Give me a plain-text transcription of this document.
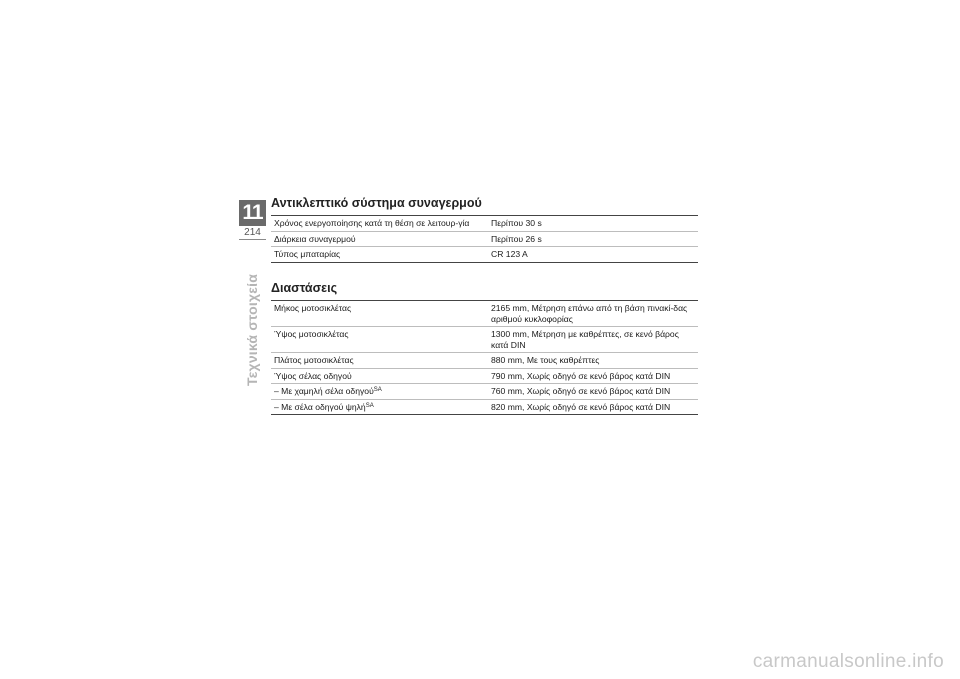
11
214
Τεχνικά στοιχεία
Αντικλεπτικό σύστημα συναγερμού
Χρόνος ενεργοποίησης κατά τη θέση σε λειτουρ-γία	Περίπου 30 s
Διάρκεια συναγερμού	Περίπου 26 s
Τύπος μπαταρίας	CR 123 A
Διαστάσεις
Μήκος μοτοσικλέτας	2165 mm, Μέτρηση επάνω από τη βάση πινακί-δας αριθμού κυκλοφορίας
Ύψος μοτοσικλέτας	1300 mm, Μέτρηση με καθρέπτες, σε κενό βάρος κατά DIN
Πλάτος μοτοσικλέτας	880 mm, Με τους καθρέπτες
Ύψος σέλας οδηγού	790 mm, Χωρίς οδηγό σε κενό βάρος κατά DIN
– Με χαμηλή σέλα οδηγού$^{SA}$	760 mm, Χωρίς οδηγό σε κενό βάρος κατά DIN
– Με σέλα οδηγού ψηλή$^{SA}$	820 mm, Χωρίς οδηγό σε κενό βάρος κατά DIN
carmanualsonline.info
